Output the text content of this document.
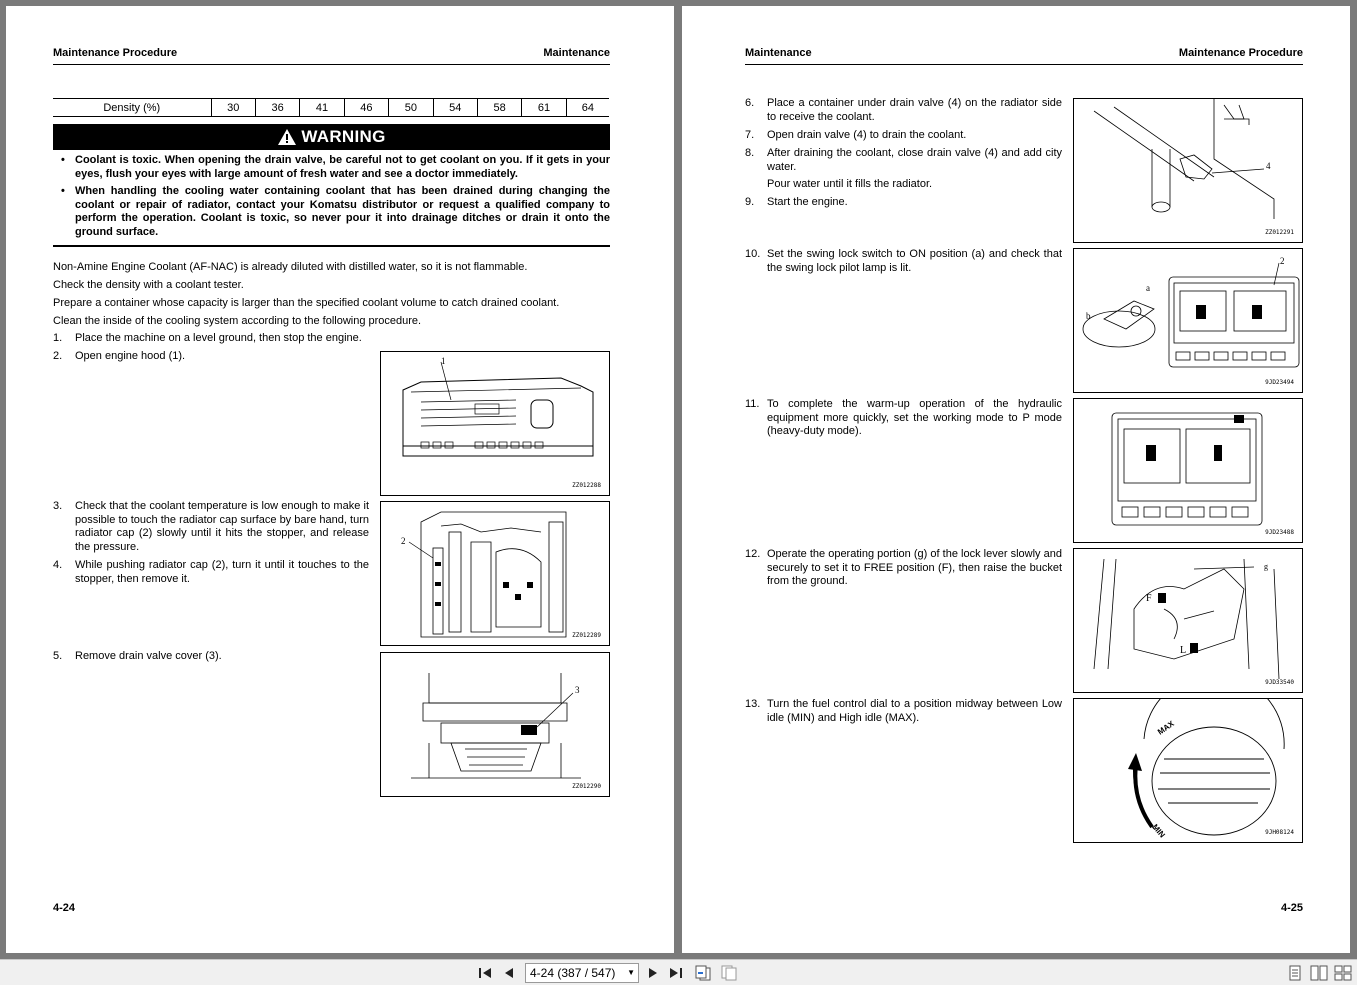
Maintenance Procedure	Maintenance
Density (%)	30	36	41	46	50	54	58	61	64
WARNING
• Coolant is toxic. When opening the drain valve, be careful not to get coolant on you. If it gets in your eyes, flush your eyes with large amount of fresh water and see a doctor immediately.
• When handling the cooling water containing coolant that has been drained during changing the coolant or repair of radiator, contact your Komatsu distributor or request a qualified company to perform the operation. Coolant is toxic, so never pour it into drainage ditches or drain it onto the ground surface.
Non-Amine Engine Coolant (AF-NAC) is already diluted with distilled water, so it is not flammable.
Check the density with a coolant tester.
Prepare a container whose capacity is larger than the specified coolant volume to catch drained coolant.
Clean the inside of the cooling system according to the following procedure.
1. Place the machine on a level ground, then stop the engine.
2. Open engine hood (1).
3. Check that the coolant temperature is low enough to make it possible to touch the radiator cap surface by bare hand, turn radiator cap (2) slowly until it hits the stopper, and release the pressure.
4. While pushing radiator cap (2), turn it until it touches to the stopper, then remove it.
5. Remove drain valve cover (3).
1
ZZ012288
2
ZZ012289
3
ZZ012290
4-24
Maintenance	Maintenance Procedure
6. Place a container under drain valve (4) on the radiator side to receive the coolant.
7. Open drain valve (4) to drain the coolant.
8. After draining the coolant, close drain valve (4) and add city water.
Pour water until it fills the radiator.
9. Start the engine.
10. Set the swing lock switch to ON position (a) and check that the swing lock pilot lamp is lit.
11. To complete the warm-up operation of the hydraulic equipment more quickly, set the working mode to P mode (heavy-duty mode).
12. Operate the operating portion (g) of the lock lever slowly and securely to set it to FREE position (F), then raise the bucket from the ground.
13. Turn the fuel control dial to a position midway between Low idle (MIN) and High idle (MAX).
4
ZZ012291
2
a
b
9JD23494
9JD23488
g
F
L
9JD33540
MAX
MIN	9JH08124
4-25
4-24 (387 / 547) ▼
